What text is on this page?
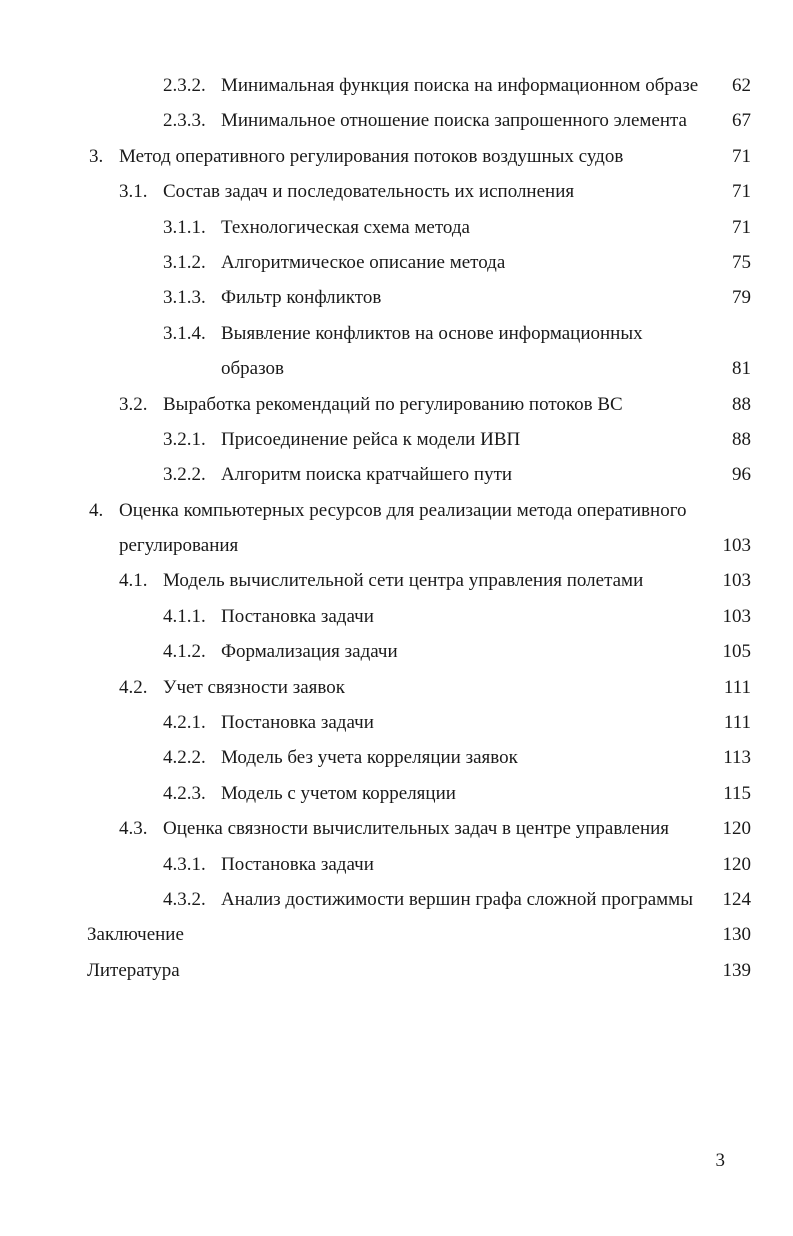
2.3.2. Минимальная функция поиска на информационном образе 62
2.3.3. Минимальное отношение поиска запрошенного элемента 67
3. Метод оперативного регулирования потоков воздушных судов	71
3.1. Состав задач и последовательность их исполнения	71
3.1.1. Технологическая схема метода	71
3.1.2. Алгоритмическое описание метода	75
3.1.3. Фильтр конфликтов	79
3.1.4. Выявление конфликтов на основе информационных
образов	81
3.2. Выработка рекомендаций по регулированию потоков ВС	88
3.2.1. Присоединение рейса к модели ИВП	88
3.2.2. Алгоритм поиска кратчайшего пути	96
4. Оценка компьютерных ресурсов для реализации метода оперативного
регулирования	103
4.1. Модель вычислительной сети центра управления полетами	103
4.1.1. Постановка задачи	103
4.1.2. Формализация задачи	105
4.2. Учет связности заявок	111
4.2.1. Постановка задачи	111
4.2.2. Модель без учета корреляции заявок	113
4.2.3. Модель с учетом корреляции	115
4.3. Оценка связности вычислительных задач в центре управления	120
4.3.1. Постановка задачи	120
4.3.2. Анализ достижимости вершин графа сложной программы 124
Заключение	130
Литература	139
3
